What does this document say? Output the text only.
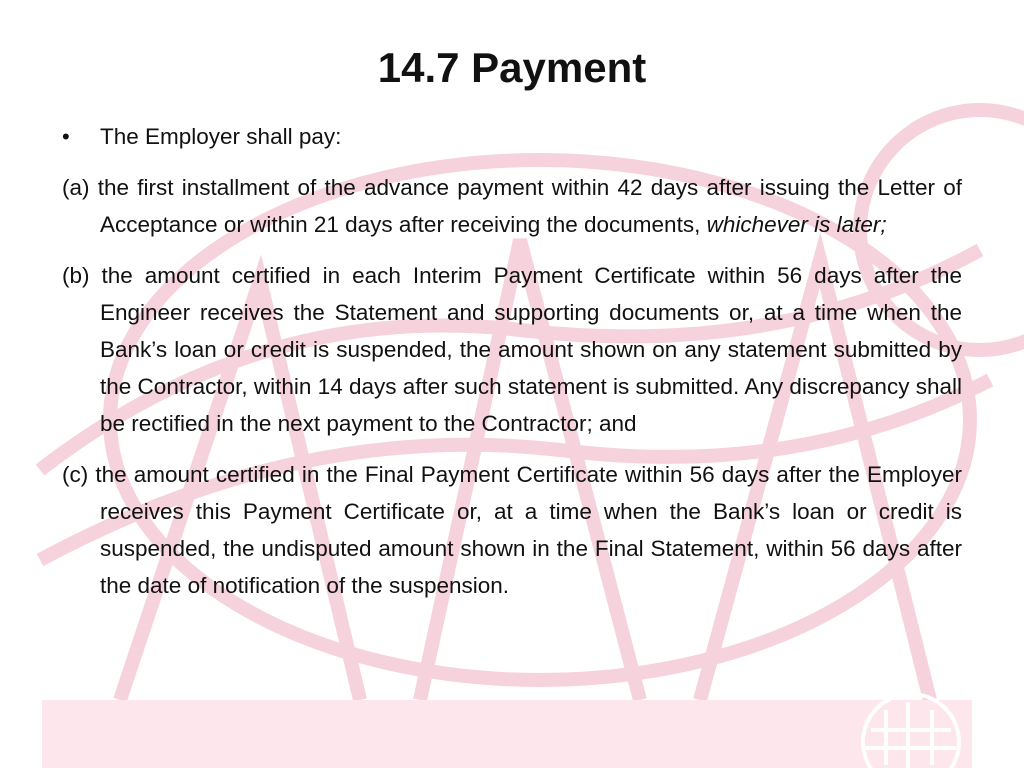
14.7 Payment
•	The Employer shall pay:

(a) the first installment of the advance payment within 42 days after issuing the Letter of Acceptance or within 21 days after receiving the documents, whichever is later;

(b) the amount certified in each Interim Payment Certificate within 56 days after the Engineer receives the Statement and supporting documents or, at a time when the Bank’s loan or credit is suspended, the amount shown on any statement submitted by the Contractor, within 14 days after such statement is submitted. Any discrepancy shall be rectified in the next payment to the Contractor; and

(c) the amount certified in the Final Payment Certificate within 56 days after the Employer receives this Payment Certificate or, at a time when the Bank’s loan or credit is suspended, the undisputed amount shown in the Final Statement, within 56 days after the date of notification of the suspension.
